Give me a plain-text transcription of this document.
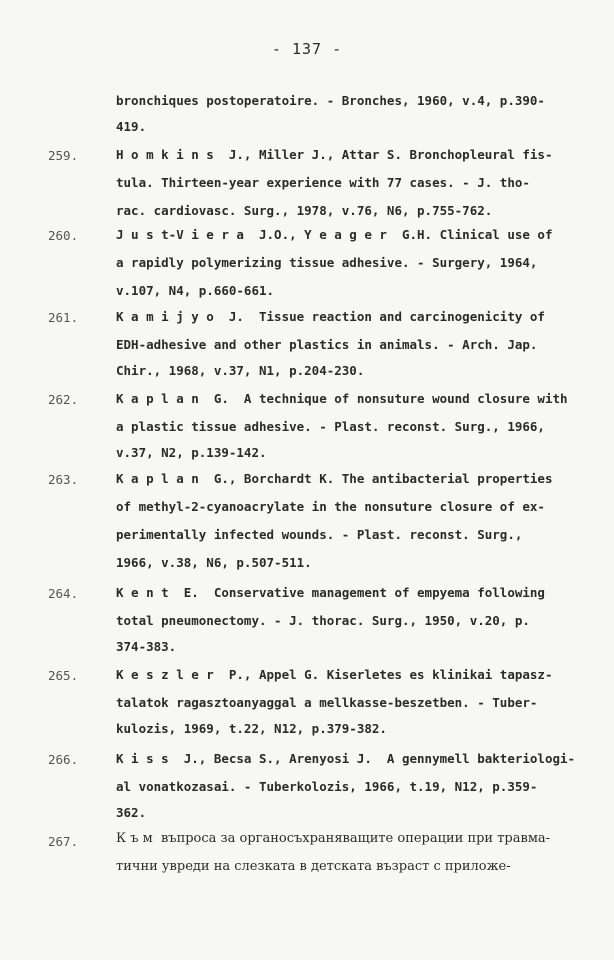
- 137 -
bronchiques postoperatoire. - Bronches, 1960, v.4, p.390-
419.
259.	H o m k i n s  J., Miller J., Attar S. Bronchopleural fis-
tula. Thirteen-year experience with 77 cases. - J. tho-
rac. cardiovasc. Surg., 1978, v.76, N6, p.755-762.
260.	J u s t-V i e r a  J.O., Y e a g e r  G.H. Clinical use of
a rapidly polymerizing tissue adhesive. - Surgery, 1964,
v.107, N4, p.660-661.
261.	K a m i j y o  J.  Tissue reaction and carcinogenicity of
EDH-adhesive and other plastics in animals. - Arch. Jap.
Chir., 1968, v.37, N1, p.204-230.
262.	K a p l a n  G.  A technique of nonsuture wound closure with
a plastic tissue adhesive. - Plast. reconst. Surg., 1966,
v.37, N2, p.139-142.
263.	K a p l a n  G., Borchardt K. The antibacterial properties
of methyl-2-cyanoacrylate in the nonsuture closure of ex-
perimentally infected wounds. - Plast. reconst. Surg.,
1966, v.38, N6, p.507-511.
264.	K e n t  E.  Conservative management of empyema following
total pneumonectomy. - J. thorac. Surg., 1950, v.20, p.
374-383.
265.	K e s z l e r  P., Appel G. Kiserletes es klinikai tapasz-
talatok ragasztoanyaggal a mellkasse-beszetben. - Tuber-
kulozis, 1969, t.22, N12, p.379-382.
266.	K i s s  J., Becsa S., Arenyosi J.  A gennymell bakteriologi-
al vonatkozasai. - Tuberkolozis, 1966, t.19, N12, p.359-
362.
267.	К ъ м  въпроса за органосъхраняващите операции при травма-
тични увреди на слезката в детската възраст с приложе-
